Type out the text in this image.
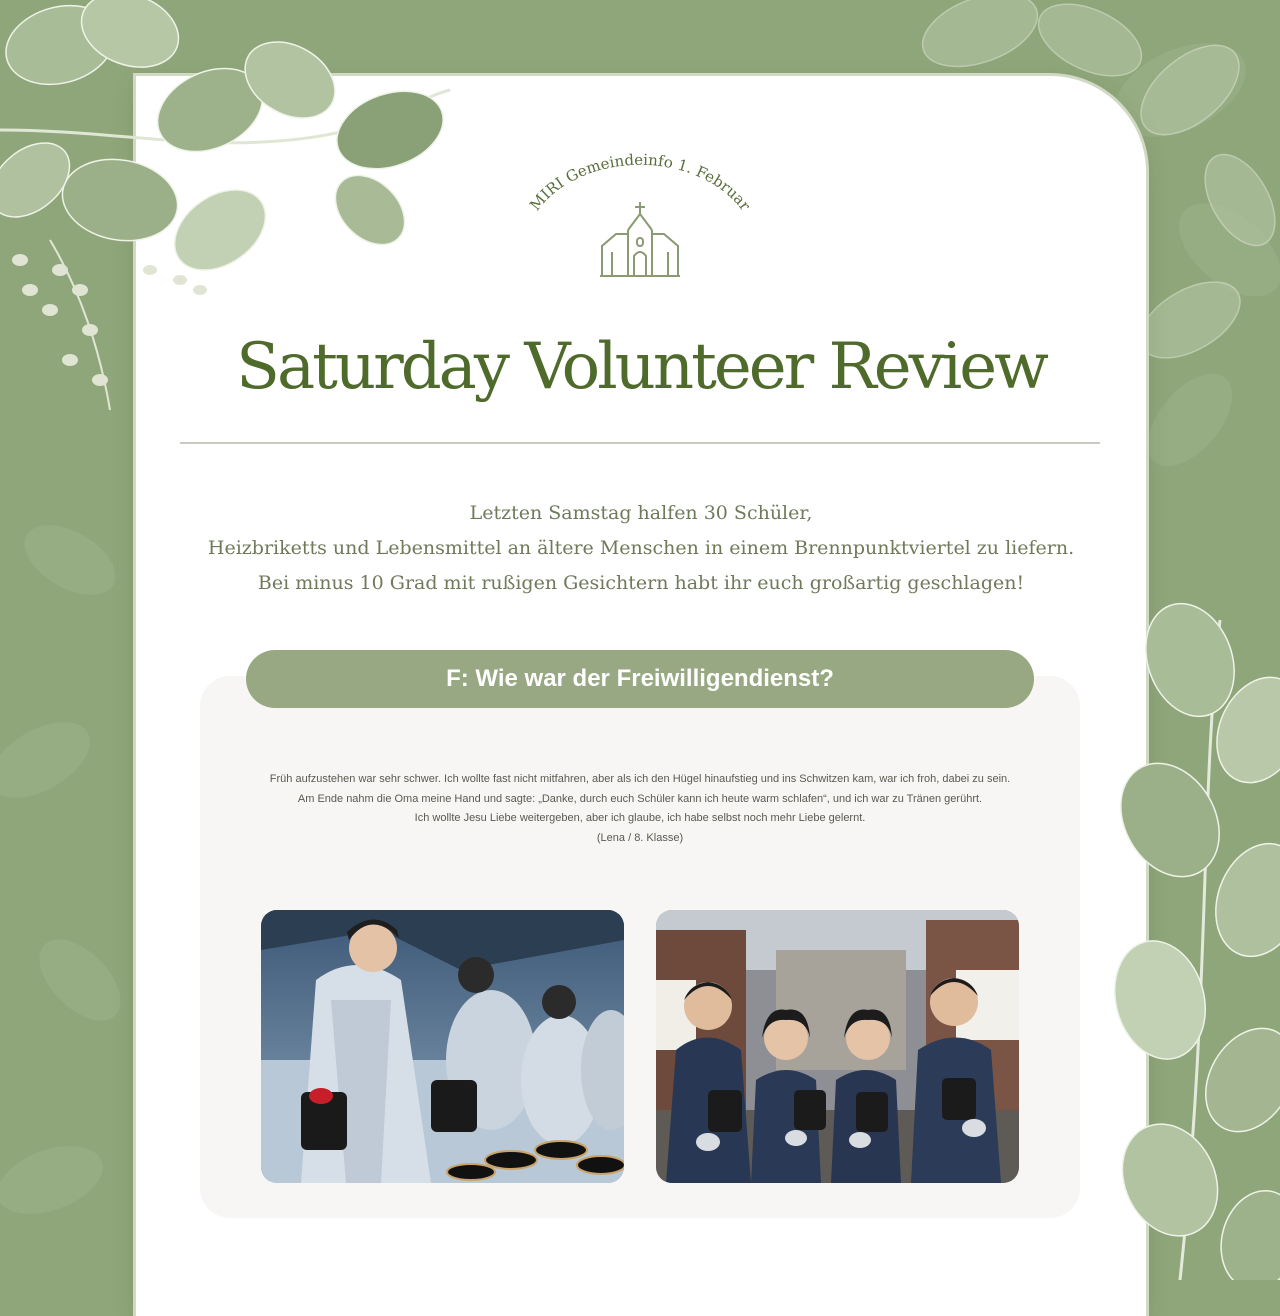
MIRI Gemeindeinfo 1. Februar
Saturday Volunteer Review
Letzten Samstag halfen 30 Schüler,
Heizbriketts und Lebensmittel an ältere Menschen in einem Brennpunktviertel zu liefern.
Bei minus 10 Grad mit rußigen Gesichtern habt ihr euch großartig geschlagen!
F: Wie war der Freiwilligendienst?
Früh aufzustehen war sehr schwer. Ich wollte fast nicht mitfahren, aber als ich den Hügel hinaufstieg und ins Schwitzen kam, war ich froh, dabei zu sein.
Am Ende nahm die Oma meine Hand und sagte: „Danke, durch euch Schüler kann ich heute warm schlafen“, und ich war zu Tränen gerührt.
Ich wollte Jesu Liebe weitergeben, aber ich glaube, ich habe selbst noch mehr Liebe gelernt.
(Lena / 8. Klasse)
